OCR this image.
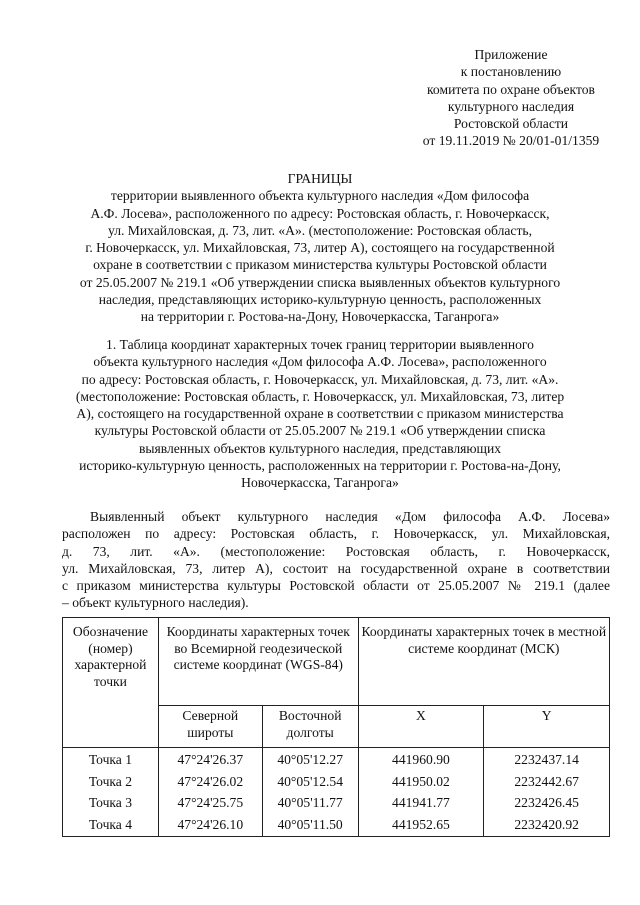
Приложение
к постановлению
комитета по охране объектов
культурного наследия
Ростовской области
от 19.11.2019 № 20/01-01/1359
ГРАНИЦЫ
территории выявленного объекта культурного наследия «Дом философа
А.Ф. Лосева», расположенного по адресу: Ростовская область, г. Новочеркасск,
ул. Михайловская, д. 73, лит. «А». (местоположение: Ростовская область,
г. Новочеркасск, ул. Михайловская, 73, литер А), состоящего на государственной
охране в соответствии с приказом министерства культуры Ростовской области
от 25.05.2007 № 219.1 «Об утверждении списка выявленных объектов культурного
наследия, представляющих историко-культурную ценность, расположенных
на территории г. Ростова-на-Дону, Новочеркасска, Таганрога»
1. Таблица координат характерных точек границ территории выявленного
объекта культурного наследия «Дом философа А.Ф. Лосева», расположенного
по адресу: Ростовская область, г. Новочеркасск, ул. Михайловская, д. 73, лит. «А».
(местоположение: Ростовская область, г. Новочеркасск, ул. Михайловская, 73, литер
А), состоящего на государственной охране в соответствии с приказом министерства
культуры Ростовской области от 25.05.2007 № 219.1 «Об утверждении списка
выявленных объектов культурного наследия, представляющих
историко-культурную ценность, расположенных на территории г. Ростова-на-Дону,
Новочеркасска, Таганрога»
Выявленный объект культурного наследия «Дом философа А.Ф. Лосева»
расположен по адресу: Ростовская область, г. Новочеркасск, ул. Михайловская,
д. 73, лит. «А». (местоположение: Ростовская область, г. Новочеркасск,
ул. Михайловская, 73, литер А), состоит на государственной охране в соответствии
с приказом министерства культуры Ростовской области от 25.05.2007 № 219.1 (далее
– объект культурного наследия).
Обозначение (номер) характерной точки	Координаты характерных точек во Всемирной геодезической системе координат (WGS-84)		Координаты характерных точек в местной системе координат (МСК)	
	Северной широты	Восточной долготы	X	Y
Точка 1	47°24'26.37	40°05'12.27	441960.90	2232437.14
Точка 2	47°24'26.02	40°05'12.54	441950.02	2232442.67
Точка 3	47°24'25.75	40°05'11.77	441941.77	2232426.45
Точка 4	47°24'26.10	40°05'11.50	441952.65	2232420.92
